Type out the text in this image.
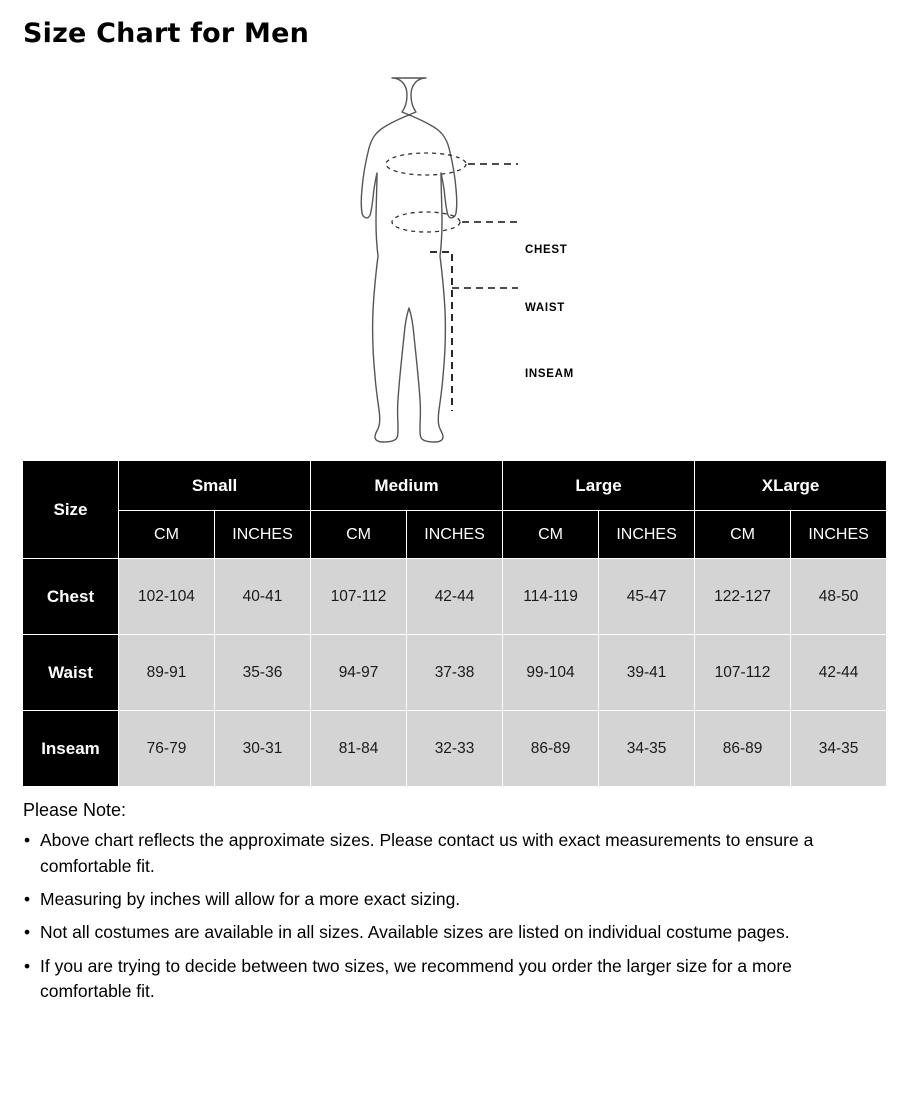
Size Chart for Men
CHEST
WAIST
INSEAM
Size	Small		Medium		Large		XLarge	
	CM	INCHES	CM	INCHES	CM	INCHES	CM	INCHES
Chest	102-104	40-41	107-112	42-44	114-119	45-47	122-127	48-50
Waist	89-91	35-36	94-97	37-38	99-104	39-41	107-112	42-44
Inseam	76-79	30-31	81-84	32-33	86-89	34-35	86-89	34-35

Please Note:

• Above chart reflects the approximate sizes. Please contact us with exact measurements to ensure a comfortable fit.
• Measuring by inches will allow for a more exact sizing.
• Not all costumes are available in all sizes. Available sizes are listed on individual costume pages.
• If you are trying to decide between two sizes, we recommend you order the larger size for a more comfortable fit.
